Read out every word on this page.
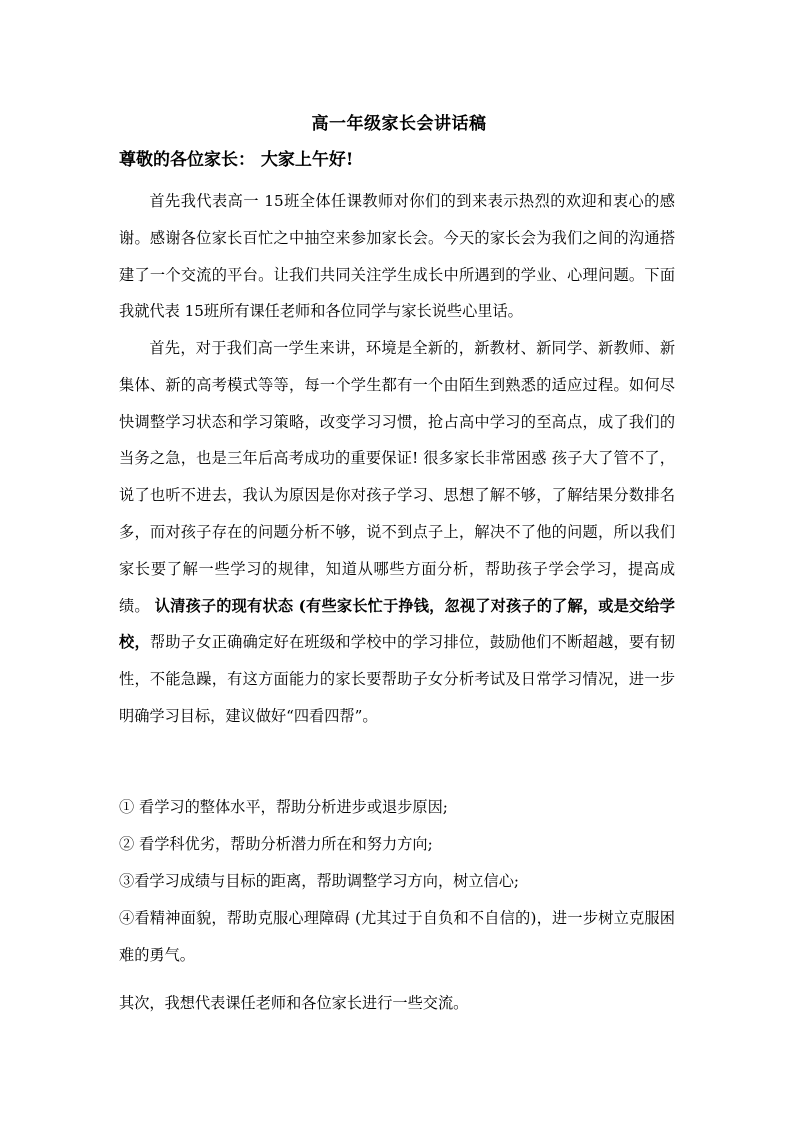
高一年级家长会讲话稿
尊敬的各位家长： 大家上午好!

首先我代表高一 15班全体任课教师对你们的到来表示热烈的欢迎和衷心的感谢。感谢各位家长百忙之中抽空来参加家长会。今天的家长会为我们之间的沟通搭建了一个交流的平台。让我们共同关注学生成长中所遇到的学业、心理问题。下面我就代表 15班所有课任老师和各位同学与家长说些心里话。

首先，对于我们高一学生来讲，环境是全新的，新教材、新同学、新教师、新集体、新的高考模式等等，每一个学生都有一个由陌生到熟悉的适应过程。如何尽快调整学习状态和学习策略，改变学习习惯，抢占高中学习的至高点，成了我们的当务之急，也是三年后高考成功的重要保证! 很多家长非常困惑 孩子大了管不了，说了也听不进去，我认为原因是你对孩子学习、思想了解不够，了解结果分数排名多，而对孩子存在的问题分析不够，说不到点子上，解决不了他的问题，所以我们家长要了解一些学习的规律，知道从哪些方面分析，帮助孩子学会学习，提高成绩。 认清孩子的现有状态 (有些家长忙于挣钱，忽视了对孩子的了解，或是交给学校，帮助子女正确确定好在班级和学校中的学习排位，鼓励他们不断超越，要有韧性，不能急躁，有这方面能力的家长要帮助子女分析考试及日常学习情况，进一步明确学习目标，建议做好“四看四帮”。

① 看学习的整体水平，帮助分析进步或退步原因;

② 看学科优劣，帮助分析潜力所在和努力方向;

③看学习成绩与目标的距离，帮助调整学习方向，树立信心;

④看精神面貌，帮助克服心理障碍 (尤其过于自负和不自信的)，进一步树立克服困难的勇气。

其次，我想代表课任老师和各位家长进行一些交流。
